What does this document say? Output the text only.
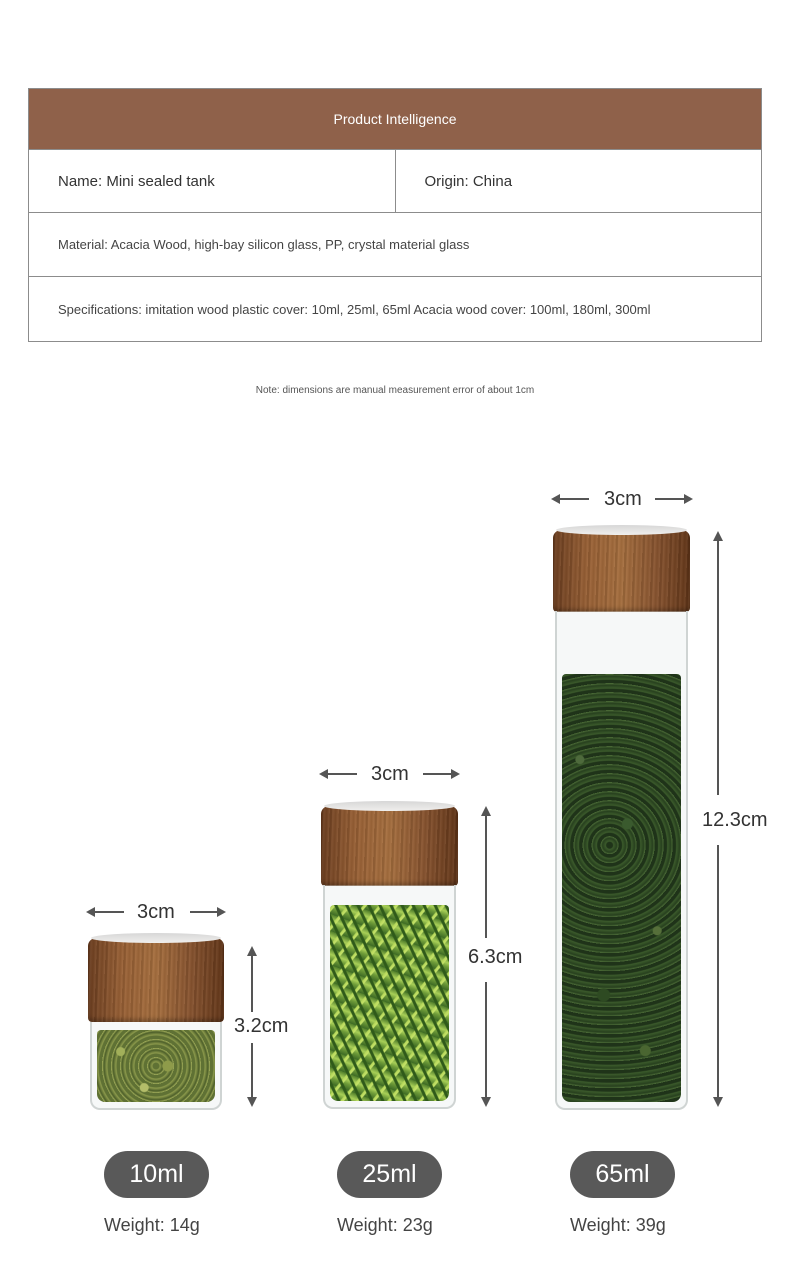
Product Intelligence
Name: Mini sealed tank	Origin: China
Material: Acacia Wood, high-bay silicon glass, PP, crystal material glass
Specifications: imitation wood plastic cover: 10ml, 25ml, 65ml Acacia wood cover: 100ml, 180ml, 300ml
Note: dimensions are manual measurement error of about 1cm
3cm
3.2cm
10ml
Weight: 14g
3cm
6.3cm
25ml
Weight: 23g
3cm
12.3cm
65ml
Weight: 39g
